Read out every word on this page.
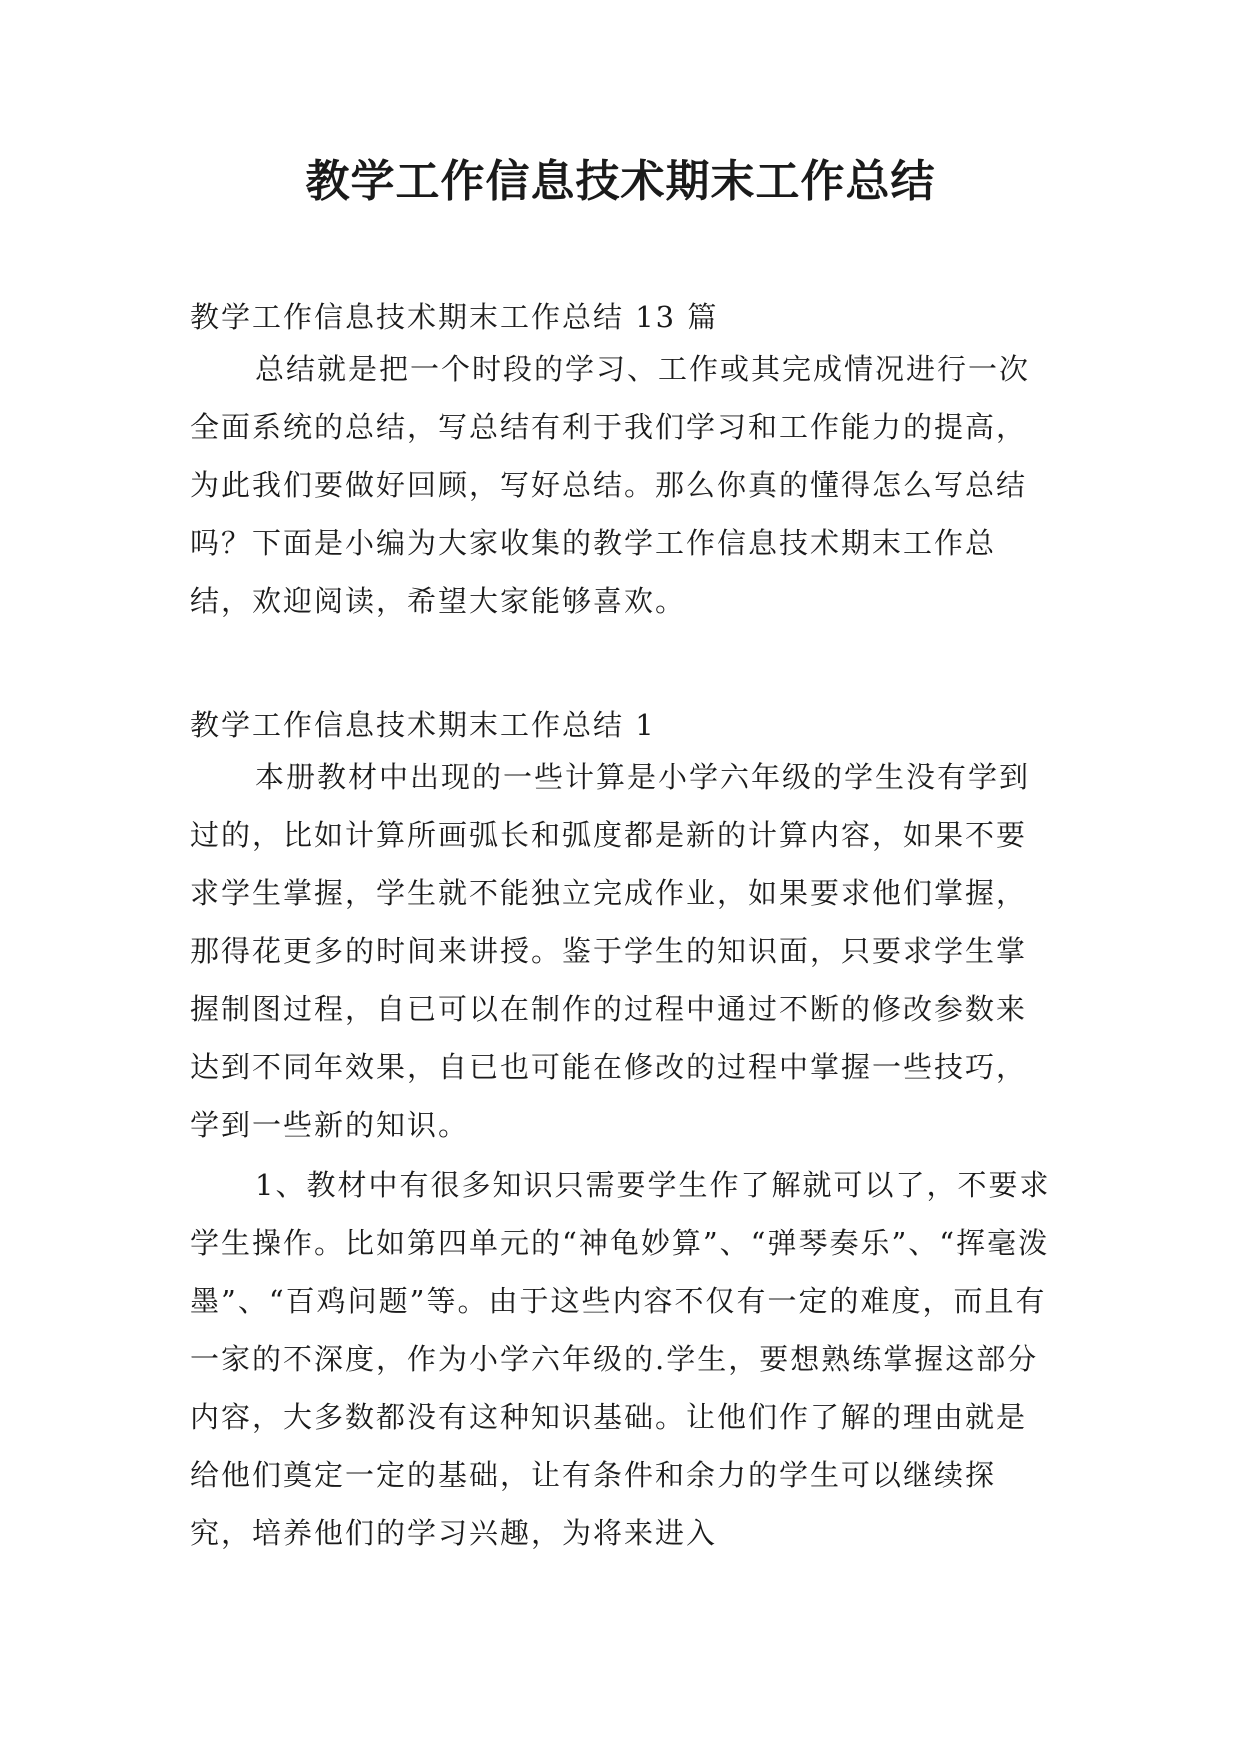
教学工作信息技术期末工作总结

教学工作信息技术期末工作总结 13 篇

总结就是把一个时段的学习、工作或其完成情况进行一次全面系统的总结，写总结有利于我们学习和工作能力的提高，为此我们要做好回顾，写好总结。那么你真的懂得怎么写总结吗？下面是小编为大家收集的教学工作信息技术期末工作总结，欢迎阅读，希望大家能够喜欢。

教学工作信息技术期末工作总结 1

本册教材中出现的一些计算是小学六年级的学生没有学到过的，比如计算所画弧长和弧度都是新的计算内容，如果不要求学生掌握，学生就不能独立完成作业，如果要求他们掌握，那得花更多的时间来讲授。鉴于学生的知识面，只要求学生掌握制图过程，自已可以在制作的过程中通过不断的修改参数来达到不同年效果，自已也可能在修改的过程中掌握一些技巧，学到一些新的知识。

1、教材中有很多知识只需要学生作了解就可以了，不要求学生操作。比如第四单元的“神龟妙算”、“弹琴奏乐”、“挥毫泼墨”、“百鸡问题”等。由于这些内容不仅有一定的难度，而且有一家的不深度，作为小学六年级的.学生，要想熟练掌握这部分内容，大多数都没有这种知识基础。让他们作了解的理由就是给他们奠定一定的基础，让有条件和余力的学生可以继续探究，培养他们的学习兴趣，为将来进入
